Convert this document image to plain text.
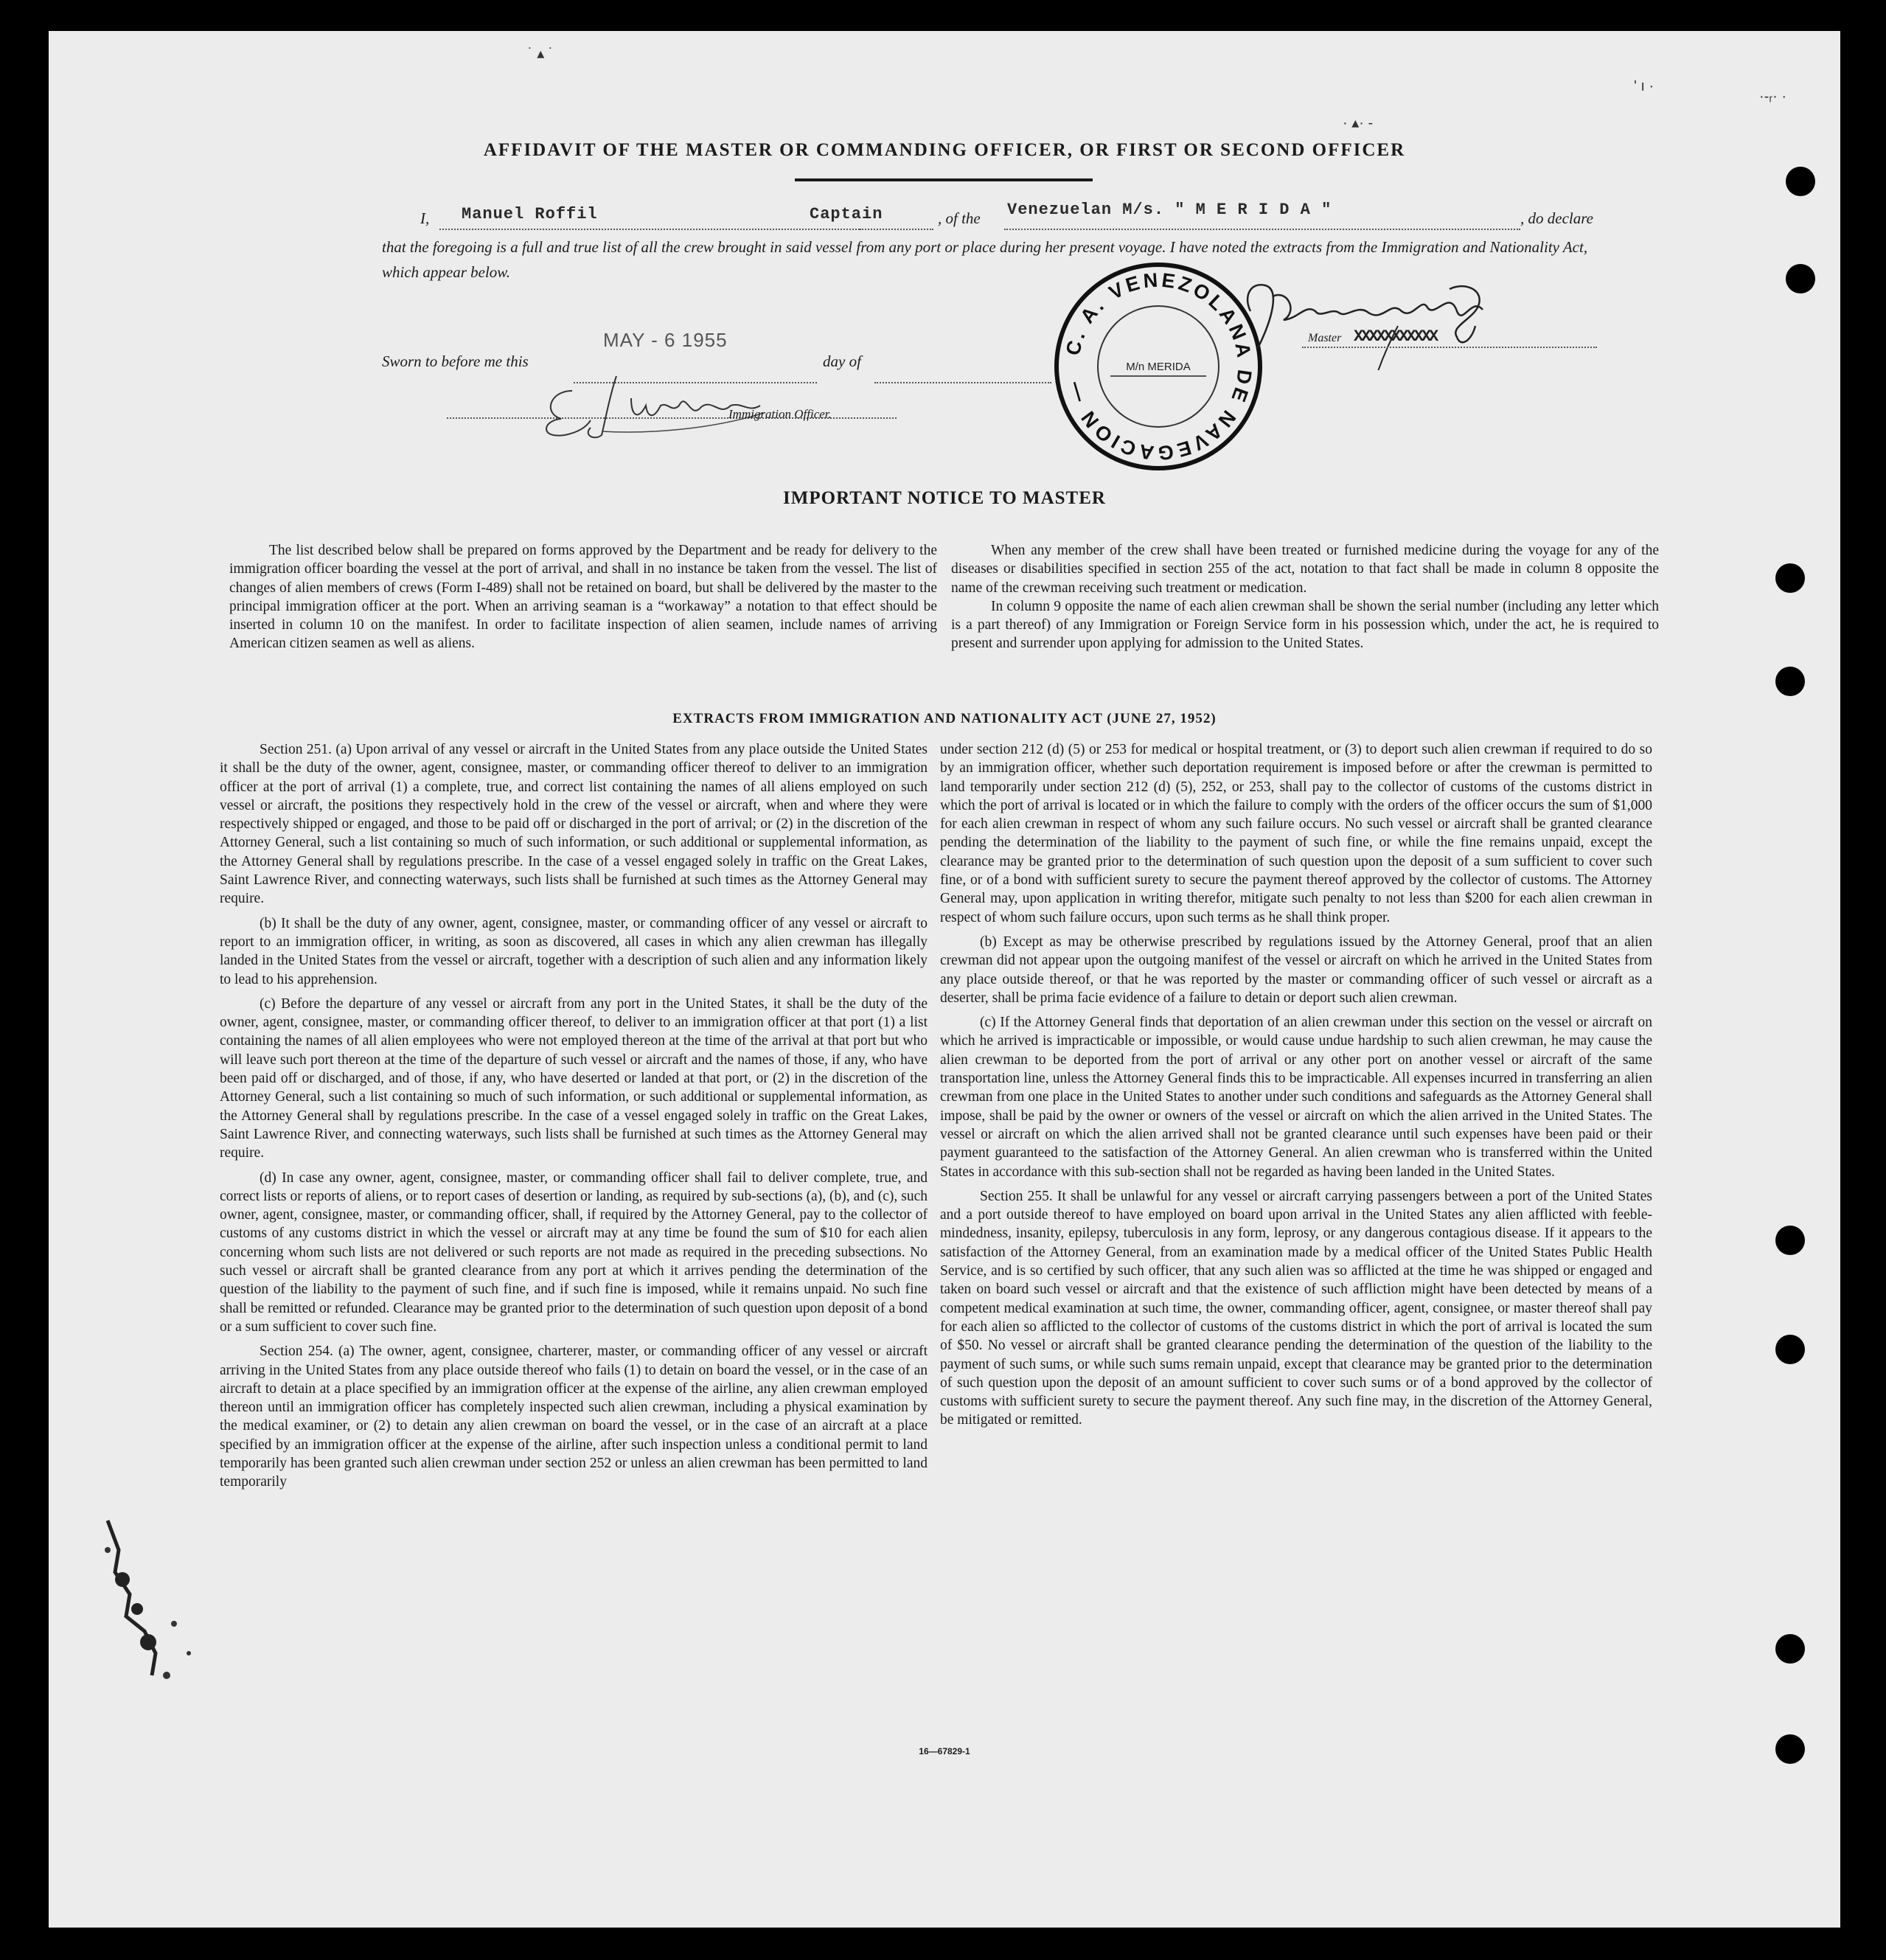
˙ ▴ ˙
' ı ·
·-ᵣ· ·
· ▴· -
AFFIDAVIT OF THE MASTER OR COMMANDING OFFICER, OR FIRST OR SECOND OFFICER
I, Manuel Roffil	Captain	, of the Venezuelan M/s. " M E R I D A "	, do declare
that the foregoing is a full and true list of all the crew brought in said vessel from any port or place during her present voyage. I have noted the extracts from the Immigration and Nationality Act, which appear below.
MAY - 6 1955
Sworn to before me this	day of
Immigration Officer.
C. A. VENEZOLANA DE NAVEGACION —
M/n MERIDA
Master XXXXXXXXXXX
IMPORTANT NOTICE TO MASTER

The list described below shall be prepared on forms approved by the Department and be ready for delivery to the immigration officer boarding the vessel at the port of arrival, and shall in no instance be taken from the vessel. The list of changes of alien members of crews (Form I-489) shall not be retained on board, but shall be delivered by the master to the principal immigration officer at the port. When an arriving seaman is a “workaway” a notation to that effect should be inserted in column 10 on the manifest. In order to facilitate inspection of alien seamen, include names of arriving American citizen seamen as well as aliens.

When any member of the crew shall have been treated or furnished medicine during the voyage for any of the diseases or disabilities specified in section 255 of the act, notation to that fact shall be made in column 8 opposite the name of the crewman receiving such treatment or medication.

In column 9 opposite the name of each alien crewman shall be shown the serial number (including any letter which is a part thereof) of any Immigration or Foreign Service form in his possession which, under the act, he is required to present and surrender upon applying for admission to the United States.

EXTRACTS FROM IMMIGRATION AND NATIONALITY ACT (JUNE 27, 1952)

Section 251. (a) Upon arrival of any vessel or aircraft in the United States from any place outside the United States it shall be the duty of the owner, agent, consignee, master, or commanding officer thereof to deliver to an immigration officer at the port of arrival (1) a complete, true, and correct list containing the names of all aliens employed on such vessel or aircraft, the positions they respectively hold in the crew of the vessel or aircraft, when and where they were respectively shipped or engaged, and those to be paid off or discharged in the port of arrival; or (2) in the discretion of the Attorney General, such a list containing so much of such information, or such additional or supplemental information, as the Attorney General shall by regulations prescribe. In the case of a vessel engaged solely in traffic on the Great Lakes, Saint Lawrence River, and connecting waterways, such lists shall be furnished at such times as the Attorney General may require.

(b) It shall be the duty of any owner, agent, consignee, master, or commanding officer of any vessel or aircraft to report to an immigration officer, in writing, as soon as discovered, all cases in which any alien crewman has illegally landed in the United States from the vessel or aircraft, together with a description of such alien and any information likely to lead to his apprehension.

(c) Before the departure of any vessel or aircraft from any port in the United States, it shall be the duty of the owner, agent, consignee, master, or commanding officer thereof, to deliver to an immigration officer at that port (1) a list containing the names of all alien employees who were not employed thereon at the time of the arrival at that port but who will leave such port thereon at the time of the departure of such vessel or aircraft and the names of those, if any, who have been paid off or discharged, and of those, if any, who have deserted or landed at that port, or (2) in the discretion of the Attorney General, such a list containing so much of such information, or such additional or supplemental information, as the Attorney General shall by regulations prescribe. In the case of a vessel engaged solely in traffic on the Great Lakes, Saint Lawrence River, and connecting waterways, such lists shall be furnished at such times as the Attorney General may require.

(d) In case any owner, agent, consignee, master, or commanding officer shall fail to deliver complete, true, and correct lists or reports of aliens, or to report cases of desertion or landing, as required by sub-sections (a), (b), and (c), such owner, agent, consignee, master, or commanding officer, shall, if required by the Attorney General, pay to the collector of customs of any customs district in which the vessel or aircraft may at any time be found the sum of $10 for each alien concerning whom such lists are not delivered or such reports are not made as required in the preceding subsections. No such vessel or aircraft shall be granted clearance from any port at which it arrives pending the determination of the question of the liability to the payment of such fine, and if such fine is imposed, while it remains unpaid. No such fine shall be remitted or refunded. Clearance may be granted prior to the determination of such question upon deposit of a bond or a sum sufficient to cover such fine.

Section 254. (a) The owner, agent, consignee, charterer, master, or commanding officer of any vessel or aircraft arriving in the United States from any place outside thereof who fails (1) to detain on board the vessel, or in the case of an aircraft to detain at a place specified by an immigration officer at the expense of the airline, any alien crewman employed thereon until an immigration officer has completely inspected such alien crewman, including a physical examination by the medical examiner, or (2) to detain any alien crewman on board the vessel, or in the case of an aircraft at a place specified by an immigration officer at the expense of the airline, after such inspection unless a conditional permit to land temporarily has been granted such alien crewman under section 252 or unless an alien crewman has been permitted to land temporarily

under section 212 (d) (5) or 253 for medical or hospital treatment, or (3) to deport such alien crewman if required to do so by an immigration officer, whether such deportation requirement is imposed before or after the crewman is permitted to land temporarily under section 212 (d) (5), 252, or 253, shall pay to the collector of customs of the customs district in which the port of arrival is located or in which the failure to comply with the orders of the officer occurs the sum of $1,000 for each alien crewman in respect of whom any such failure occurs. No such vessel or aircraft shall be granted clearance pending the determination of the liability to the payment of such fine, or while the fine remains unpaid, except the clearance may be granted prior to the determination of such question upon the deposit of a sum sufficient to cover such fine, or of a bond with sufficient surety to secure the payment thereof approved by the collector of customs. The Attorney General may, upon application in writing therefor, mitigate such penalty to not less than $200 for each alien crewman in respect of whom such failure occurs, upon such terms as he shall think proper.

(b) Except as may be otherwise prescribed by regulations issued by the Attorney General, proof that an alien crewman did not appear upon the outgoing manifest of the vessel or aircraft on which he arrived in the United States from any place outside thereof, or that he was reported by the master or commanding officer of such vessel or aircraft as a deserter, shall be prima facie evidence of a failure to detain or deport such alien crewman.

(c) If the Attorney General finds that deportation of an alien crewman under this section on the vessel or aircraft on which he arrived is impracticable or impossible, or would cause undue hardship to such alien crewman, he may cause the alien crewman to be deported from the port of arrival or any other port on another vessel or aircraft of the same transportation line, unless the Attorney General finds this to be impracticable. All expenses incurred in transferring an alien crewman from one place in the United States to another under such conditions and safeguards as the Attorney General shall impose, shall be paid by the owner or owners of the vessel or aircraft on which the alien arrived in the United States. The vessel or aircraft on which the alien arrived shall not be granted clearance until such expenses have been paid or their payment guaranteed to the satisfaction of the Attorney General. An alien crewman who is transferred within the United States in accordance with this sub-section shall not be regarded as having been landed in the United States.

Section 255. It shall be unlawful for any vessel or aircraft carrying passengers between a port of the United States and a port outside thereof to have employed on board upon arrival in the United States any alien afflicted with feeble-mindedness, insanity, epilepsy, tuberculosis in any form, leprosy, or any dangerous contagious disease. If it appears to the satisfaction of the Attorney General, from an examination made by a medical officer of the United States Public Health Service, and is so certified by such officer, that any such alien was so afflicted at the time he was shipped or engaged and taken on board such vessel or aircraft and that the existence of such affliction might have been detected by means of a competent medical examination at such time, the owner, commanding officer, agent, consignee, or master thereof shall pay for each alien so afflicted to the collector of customs of the customs district in which the port of arrival is located the sum of $50. No vessel or aircraft shall be granted clearance pending the determination of the question of the liability to the payment of such sums, or while such sums remain unpaid, except that clearance may be granted prior to the determination of such question upon the deposit of an amount sufficient to cover such sums or of a bond approved by the collector of customs with sufficient surety to secure the payment thereof. Any such fine may, in the discretion of the Attorney General, be mitigated or remitted.

16—67829-1
